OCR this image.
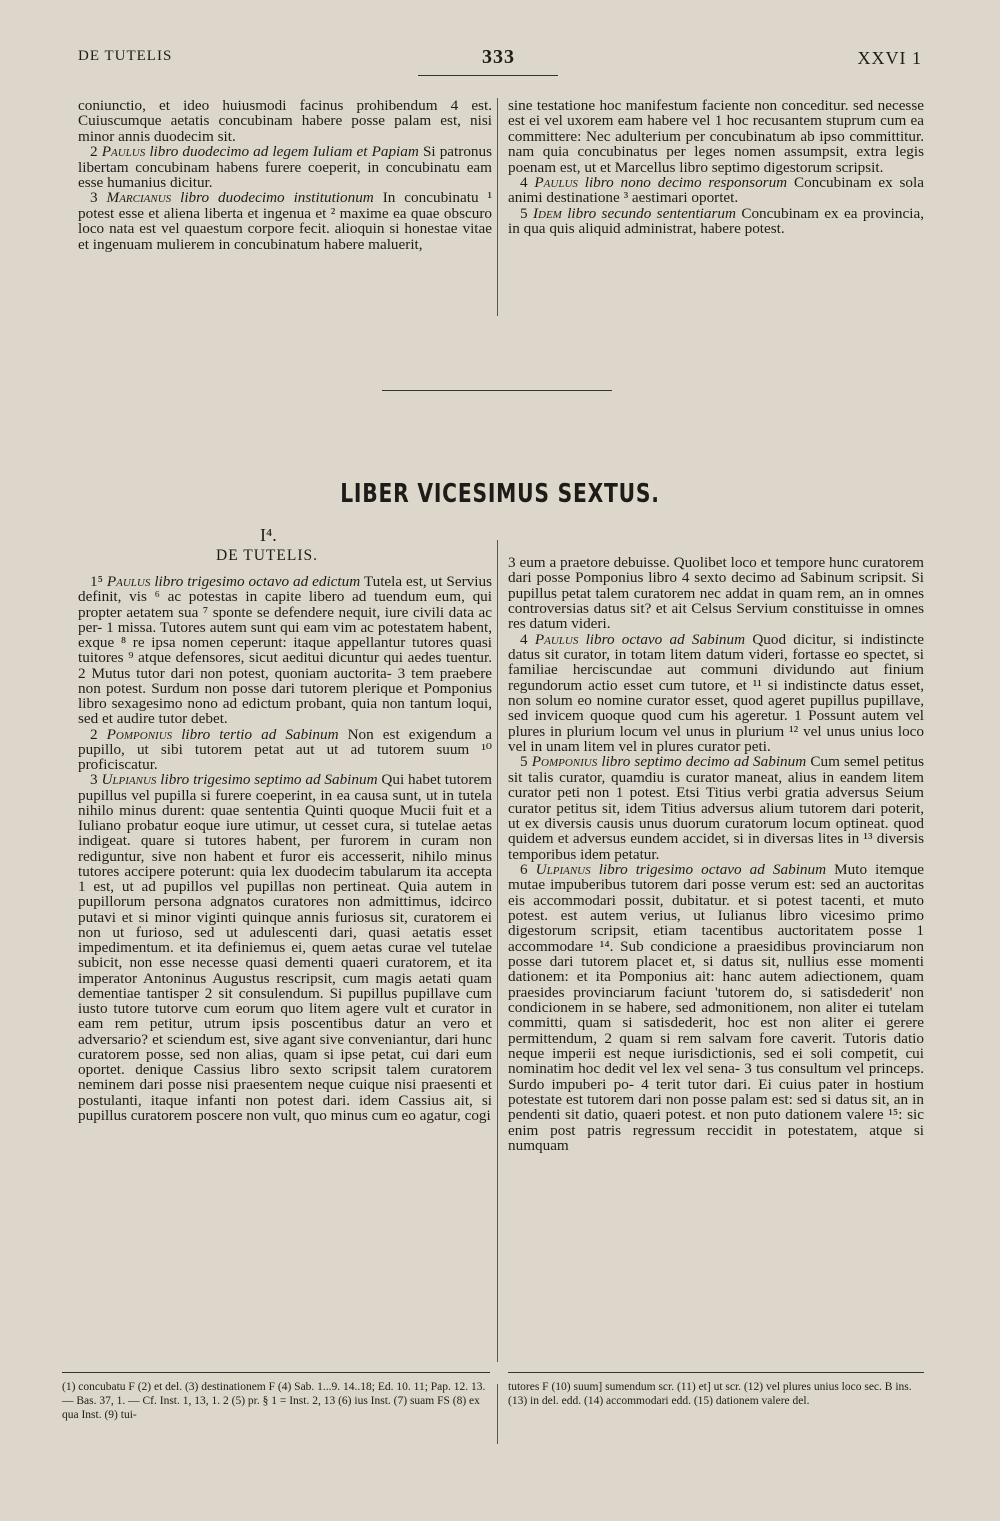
DE TUTELIS	333	XXVI 1

coniunctio, et ideo huiusmodi facinus prohibendum 4 est. Cuiuscumque aetatis concubinam habere posse palam est, nisi minor annis duodecim sit.

2 Paulus libro duodecimo ad legem Iuliam et Papiam Si patronus libertam concubinam habens furere coeperit, in concubinatu eam esse humanius dicitur.

3 Marcianus libro duodecimo institutionum In concubinatu ¹ potest esse et aliena liberta et ingenua et ² maxime ea quae obscuro loco nata est vel quaestum corpore fecit. alioquin si honestae vitae et ingenuam mulierem in concubinatum habere maluerit,

sine testatione hoc manifestum faciente non conceditur. sed necesse est ei vel uxorem eam habere vel 1 hoc recusantem stuprum cum ea committere: Nec adulterium per concubinatum ab ipso committitur. nam quia concubinatus per leges nomen assumpsit, extra legis poenam est, ut et Marcellus libro septimo digestorum scripsit.

4 Paulus libro nono decimo responsorum Concubinam ex sola animi destinatione ³ aestimari oportet.

5 Idem libro secundo sententiarum Concubinam ex ea provincia, in qua quis aliquid administrat, habere potest.

LIBER VICESIMUS SEXTUS.
I⁴.
DE TUTELIS.

1⁵ Paulus libro trigesimo octavo ad edictum Tutela est, ut Servius definit, vis ⁶ ac potestas in capite libero ad tuendum eum, qui propter aetatem sua ⁷ sponte se defendere nequit, iure civili data ac per- 1 missa. Tutores autem sunt qui eam vim ac potestatem habent, exque ⁸ re ipsa nomen ceperunt: itaque appellantur tutores quasi tuitores ⁹ atque defensores, sicut aeditui dicuntur qui aedes tuentur. 2 Mutus tutor dari non potest, quoniam auctorita- 3 tem praebere non potest. Surdum non posse dari tutorem plerique et Pomponius libro sexagesimo nono ad edictum probant, quia non tantum loqui, sed et audire tutor debet.

2 Pomponius libro tertio ad Sabinum Non est exigendum a pupillo, ut sibi tutorem petat aut ut ad tutorem suum ¹⁰ proficiscatur.

3 Ulpianus libro trigesimo septimo ad Sabinum Qui habet tutorem pupillus vel pupilla si furere coeperint, in ea causa sunt, ut in tutela nihilo minus durent: quae sententia Quinti quoque Mucii fuit et a Iuliano probatur eoque iure utimur, ut cesset cura, si tutelae aetas indigeat. quare si tutores habent, per furorem in curam non rediguntur, sive non habent et furor eis accesserit, nihilo minus tutores accipere poterunt: quia lex duodecim tabularum ita accepta 1 est, ut ad pupillos vel pupillas non pertineat. Quia autem in pupillorum persona adgnatos curatores non admittimus, idcirco putavi et si minor viginti quinque annis furiosus sit, curatorem ei non ut furioso, sed ut adulescenti dari, quasi aetatis esset impedimentum. et ita definiemus ei, quem aetas curae vel tutelae subicit, non esse necesse quasi dementi quaeri curatorem, et ita imperator Antoninus Augustus rescripsit, cum magis aetati quam dementiae tantisper 2 sit consulendum. Si pupillus pupillave cum iusto tutore tutorve cum eorum quo litem agere vult et curator in eam rem petitur, utrum ipsis poscentibus datur an vero et adversario? et sciendum est, sive agant sive conveniantur, dari hunc curatorem posse, sed non alias, quam si ipse petat, cui dari eum oportet. denique Cassius libro sexto scripsit talem curatorem neminem dari posse nisi praesentem neque cuique nisi praesenti et postulanti, itaque infanti non potest dari. idem Cassius ait, si pupillus curatorem poscere non vult, quo minus cum eo agatur, cogi

3 eum a praetore debuisse. Quolibet loco et tempore hunc curatorem dari posse Pomponius libro 4 sexto decimo ad Sabinum scripsit. Si pupillus petat talem curatorem nec addat in quam rem, an in omnes controversias datus sit? et ait Celsus Servium constituisse in omnes res datum videri.

4 Paulus libro octavo ad Sabinum Quod dicitur, si indistincte datus sit curator, in totam litem datum videri, fortasse eo spectet, si familiae herciscundae aut communi dividundo aut finium regundorum actio esset cum tutore, et ¹¹ si indistincte datus esset, non solum eo nomine curator esset, quod ageret pupillus pupillave, sed invicem quoque quod cum his ageretur. 1 Possunt autem vel plures in plurium locum vel unus in plurium ¹² vel unus unius loco vel in unam litem vel in plures curator peti.

5 Pomponius libro septimo decimo ad Sabinum Cum semel petitus sit talis curator, quamdiu is curator maneat, alius in eandem litem curator peti non 1 potest. Etsi Titius verbi gratia adversus Seium curator petitus sit, idem Titius adversus alium tutorem dari poterit, ut ex diversis causis unus duorum curatorum locum optineat. quod quidem et adversus eundem accidet, si in diversas lites in ¹³ diversis temporibus idem petatur.

6 Ulpianus libro trigesimo octavo ad Sabinum Muto itemque mutae impuberibus tutorem dari posse verum est: sed an auctoritas eis accommodari possit, dubitatur. et si potest tacenti, et muto potest. est autem verius, ut Iulianus libro vicesimo primo digestorum scripsit, etiam tacentibus auctoritatem posse 1 accommodare ¹⁴. Sub condicione a praesidibus provinciarum non posse dari tutorem placet et, si datus sit, nullius esse momenti dationem: et ita Pomponius ait: hanc autem adiectionem, quam praesides provinciarum faciunt 'tutorem do, si satisdederit' non condicionem in se habere, sed admonitionem, non aliter ei tutelam committi, quam si satisdederit, hoc est non aliter ei gerere permittendum, 2 quam si rem salvam fore caverit. Tutoris datio neque imperii est neque iurisdictionis, sed ei soli competit, cui nominatim hoc dedit vel lex vel sena- 3 tus consultum vel princeps. Surdo impuberi po- 4 terit tutor dari. Ei cuius pater in hostium potestate est tutorem dari non posse palam est: sed si datus sit, an in pendenti sit datio, quaeri potest. et non puto dationem valere ¹⁵: sic enim post patris regressum reccidit in potestatem, atque si numquam

(1) concubatu F (2) et del. (3) destinationem F (4) Sab. 1...9. 14..18; Ed. 10. 11; Pap. 12. 13. — Bas. 37, 1. — Cf. Inst. 1, 13, 1. 2 (5) pr. § 1 = Inst. 2, 13 (6) ius Inst. (7) suam FS (8) ex qua Inst. (9) tui-
tutores F (10) suum] sumendum scr. (11) et] ut scr. (12) vel plures unius loco sec. B ins. (13) in del. edd. (14) accommodari edd. (15) dationem valere del.
